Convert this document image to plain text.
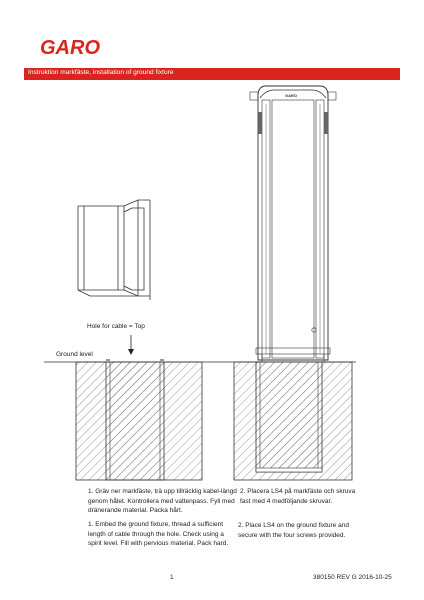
GARO
Instruktion markfäste, installation of ground fixture
GARO
Hole for cable = Top
Ground level
1. Gräv ner markfäste, trä upp tillräcklig kabel-längd genom hålet. Kontrollera med vattenpass. Fyll med dränerande material. Packa hårt.
1. Embed the ground fixture, thread a sufficient length of cable through the hole. Check using a spirit level. Fill with pervious material. Pack hard.
2. Placera LS4 på markfäste och skruva fast med 4 medföljande skruvar.
2. Place LS4 on the ground fixture and secure with the four screws provided.
1	380150 REV G 2016-10-25
